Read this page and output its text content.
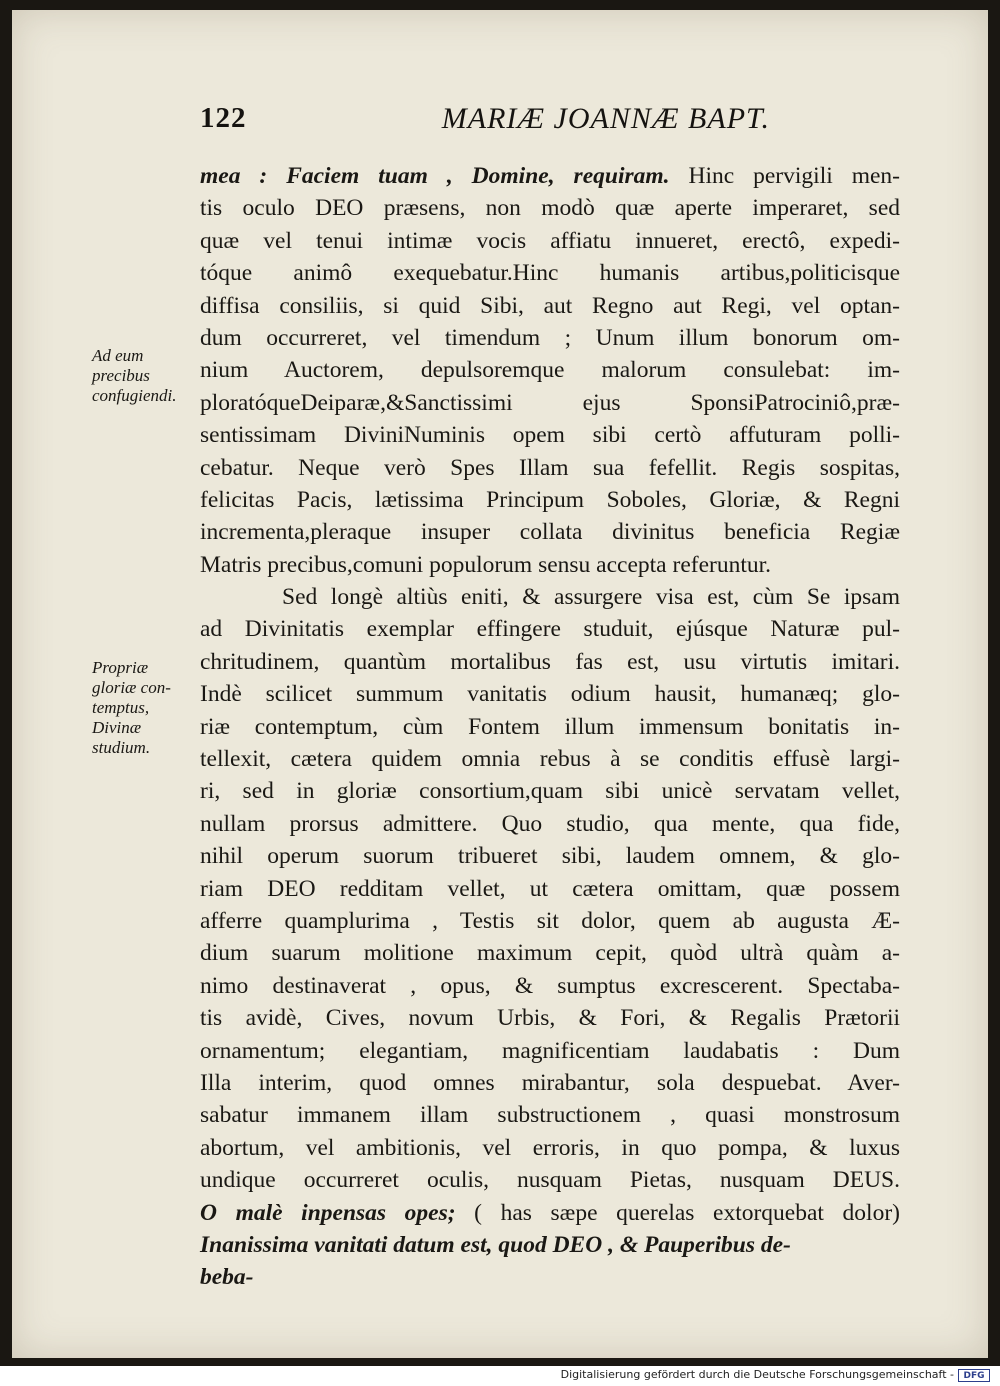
122	MARIÆ JOANNÆ BAPT.
Ad eum
precibus
confugiendi.
Propriæ
gloriæ con-
temptus,
Divinæ
studium.
mea : Faciem tuam , Domine, requiram. Hinc pervigili men-
tis oculo DEO præsens, non modò quæ aperte imperaret, sed
quæ vel tenui intimæ vocis affiatu innueret, erectô, expedi-
tóque animô exequebatur.Hinc humanis artibus,politicisque
diffisa consiliis, si quid Sibi, aut Regno aut Regi, vel optan-
dum occurreret, vel timendum ; Unum illum bonorum om-
nium Auctorem, depulsoremque malorum consulebat: im-
ploratóqueDeiparæ,&Sanctissimi ejus SponsiPatrociniô,præ-
sentissimam DiviniNuminis opem sibi certò affuturam polli-
cebatur. Neque verò Spes Illam sua fefellit. Regis sospitas,
felicitas Pacis, lætissima Principum Soboles, Gloriæ, & Regni
incrementa,pleraque insuper collata divinitus beneficia Regiæ
Matris precibus,comuni populorum sensu accepta referuntur.
Sed longè altiùs eniti, & assurgere visa est, cùm Se ipsam
ad Divinitatis exemplar effingere studuit, ejúsque Naturæ pul-
chritudinem, quantùm mortalibus fas est, usu virtutis imitari.
Indè scilicet summum vanitatis odium hausit, humanæq; glo-
riæ contemptum, cùm Fontem illum immensum bonitatis in-
tellexit, cætera quidem omnia rebus à se conditis effusè largi-
ri, sed in gloriæ consortium,quam sibi unicè servatam vellet,
nullam prorsus admittere. Quo studio, qua mente, qua fide,
nihil operum suorum tribueret sibi, laudem omnem, & glo-
riam DEO redditam vellet, ut cætera omittam, quæ possem
afferre quamplurima , Testis sit dolor, quem ab augusta Æ-
dium suarum molitione maximum cepit, quòd ultrà quàm a-
nimo destinaverat , opus, & sumptus excrescerent. Spectaba-
tis avidè, Cives, novum Urbis, & Fori, & Regalis Prætorii
ornamentum; elegantiam, magnificentiam laudabatis : Dum
Illa interim, quod omnes mirabantur, sola despuebat. Aver-
sabatur immanem illam substructionem , quasi monstrosum
abortum, vel ambitionis, vel erroris, in quo pompa, & luxus
undique occurreret oculis, nusquam Pietas, nusquam DEUS.
O malè inpensas opes; ( has sæpe querelas extorquebat dolor)
Inanissima vanitati datum est, quod DEO , & Pauperibus de-
beba-
Digitalisierung gefördert durch die Deutsche Forschungsgemeinschaft -	DFG
